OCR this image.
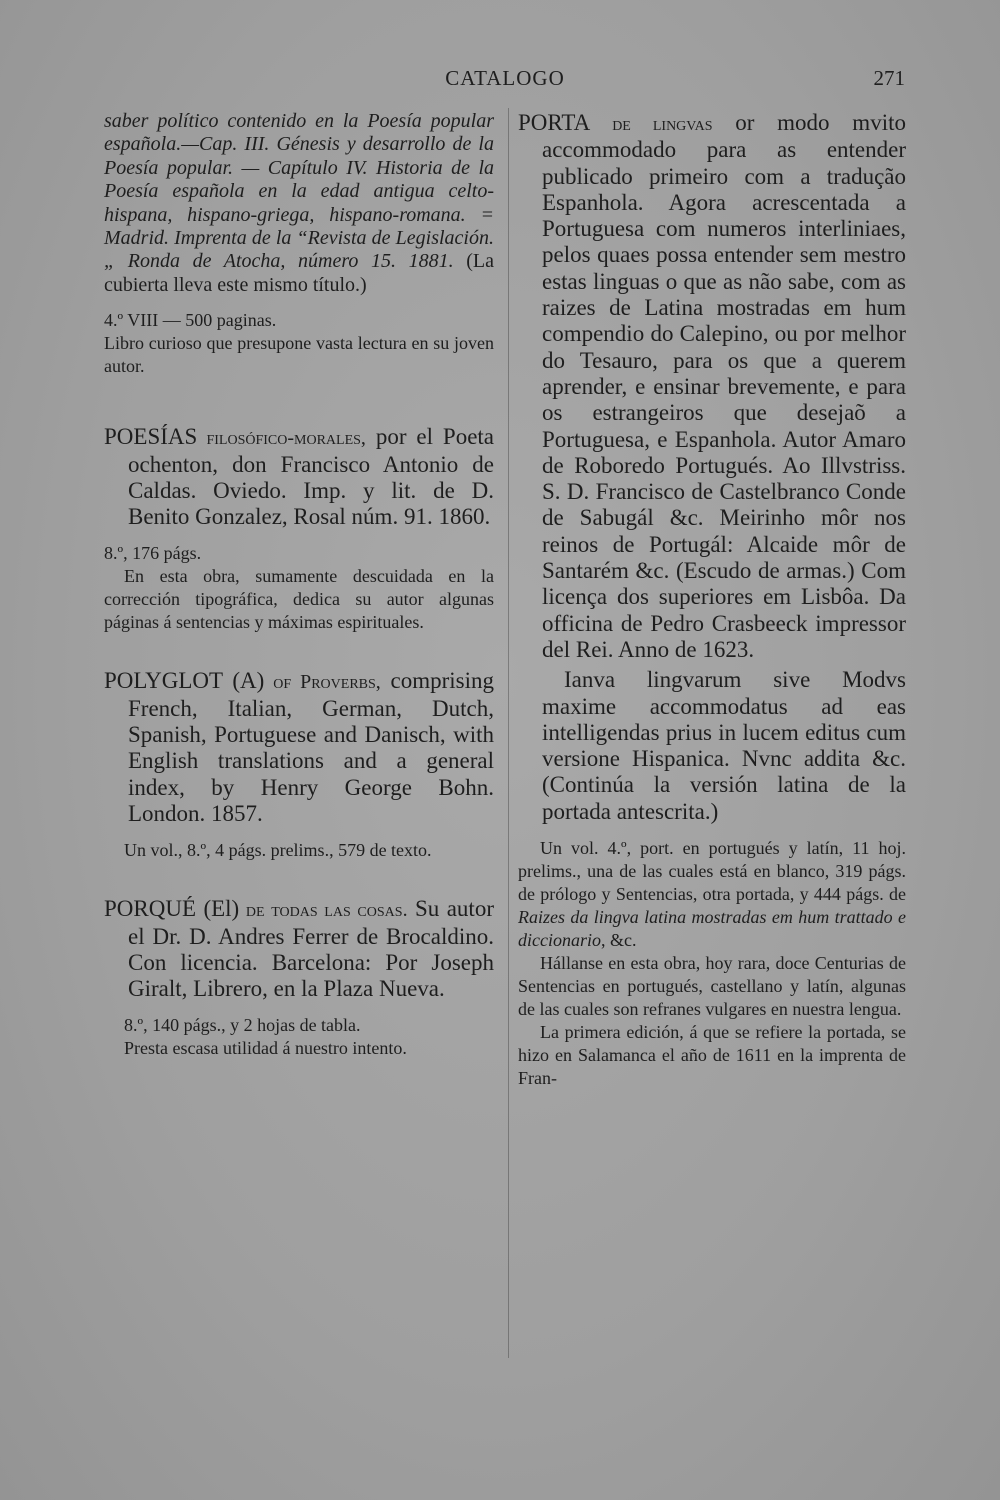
CATALOGO	271

saber político contenido en la Poesía popular española.—Cap. III. Génesis y desarrollo de la Poesía popular. — Capítulo IV. Historia de la Poesía española en la edad antigua celto-hispana, hispano-griega, hispano-romana. = Madrid. Imprenta de la “Revista de Legislación.„ Ronda de Atocha, número 15. 1881. (La cubierta lleva este mismo título.)

4.º VIII — 500 paginas.

Libro curioso que presupone vasta lectura en su joven autor.

POESÍAS filosófico-morales, por el Poeta ochenton, don Francisco Antonio de Caldas. Oviedo. Imp. y lit. de D. Benito Gonzalez, Rosal núm. 91. 1860.

8.º, 176 págs.

En esta obra, sumamente descuidada en la corrección tipográfica, dedica su autor algunas páginas á sentencias y máximas espirituales.

POLYGLOT (A) of Proverbs, comprising French, Italian, German, Dutch, Spanish, Portuguese and Danisch, with English translations and a general index, by Henry George Bohn. London. 1857.

Un vol., 8.º, 4 págs. prelims., 579 de texto.

PORQUÉ (El) de todas las cosas. Su autor el Dr. D. Andres Ferrer de Brocaldino. Con licencia. Barcelona: Por Joseph Giralt, Librero, en la Plaza Nueva.

8.º, 140 págs., y 2 hojas de tabla.

Presta escasa utilidad á nuestro intento.

PORTA de lingvas or modo mvito accommodado para as entender publicado primeiro com a tradução Espanhola. Agora acrescentada a Portuguesa com numeros interliniaes, pelos quaes possa entender sem mestro estas linguas o que as não sabe, com as raizes de Latina mostradas em hum compendio do Calepino, ou por melhor do Tesauro, para os que a querem aprender, e ensinar brevemente, e para os estrangeiros que desejaõ a Portuguesa, e Espanhola. Autor Amaro de Roboredo Portugués. Ao Illvstriss. S. D. Francisco de Castelbranco Conde de Sabugál &c. Meirinho môr nos reinos de Portugál: Alcaide môr de Santarém &c. (Escudo de armas.) Com licença dos superiores em Lisbôa. Da officina de Pedro Crasbeeck impressor del Rei. Anno de 1623.

Ianva lingvarum sive Modvs maxime accommodatus ad eas intelligendas prius in lucem editus cum versione Hispanica. Nvnc addita &c. (Continúa la versión latina de la portada antescrita.)

Un vol. 4.º, port. en portugués y latín, 11 hoj. prelims., una de las cuales está en blanco, 319 págs. de prólogo y Sentencias, otra portada, y 444 págs. de Raizes da lingva latina mostradas em hum trattado e diccionario, &c.

Hállanse en esta obra, hoy rara, doce Centurias de Sentencias en portugués, castellano y latín, algunas de las cuales son refranes vulgares en nuestra lengua.

La primera edición, á que se refiere la portada, se hizo en Salamanca el año de 1611 en la imprenta de Fran-
